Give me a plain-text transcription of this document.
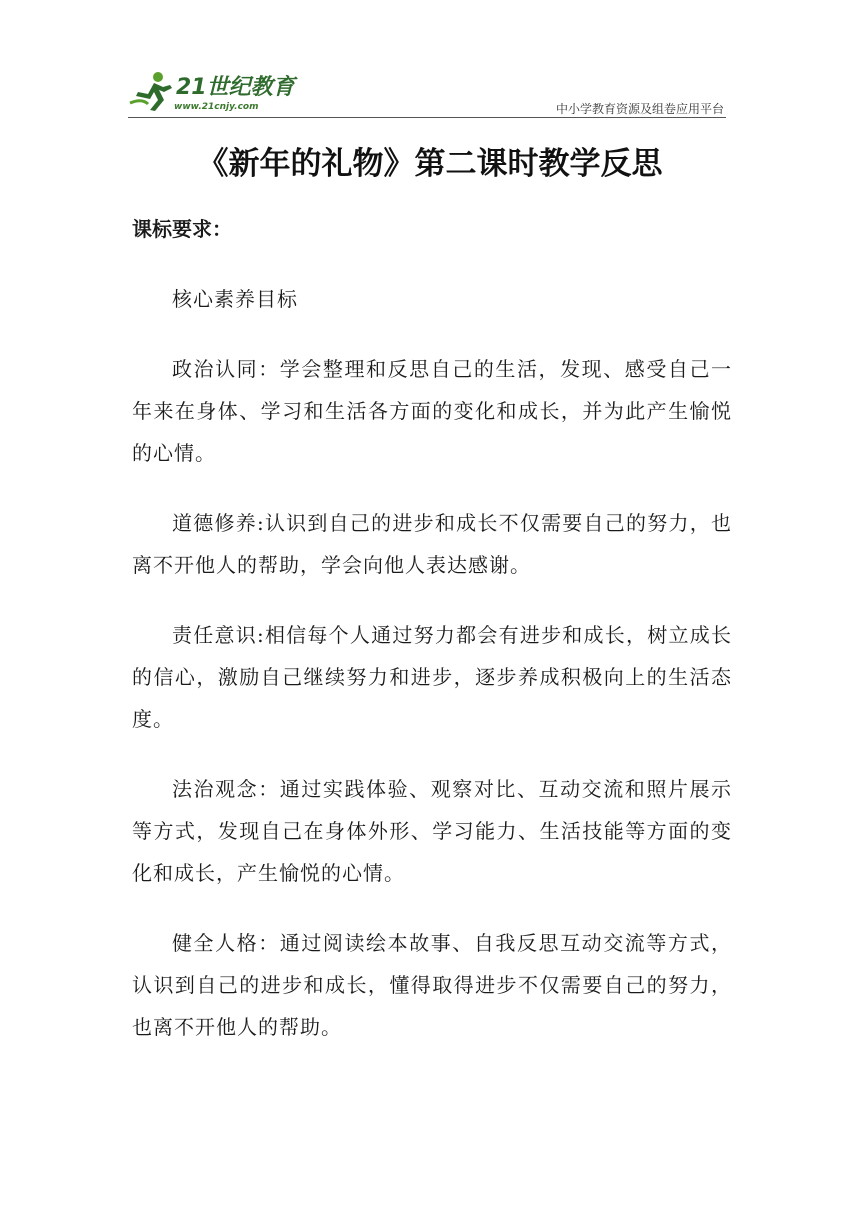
21世纪教育
www.21cnjy.com	中小学教育资源及组卷应用平台
《新年的礼物》第二课时教学反思
课标要求：

核心素养目标

政治认同：学会整理和反思自己的生活，发现、感受自己一年来在身体、学习和生活各方面的变化和成长，并为此产生愉悦的心情。

道德修养:认识到自己的进步和成长不仅需要自己的努力，也离不开他人的帮助，学会向他人表达感谢。

责任意识:相信每个人通过努力都会有进步和成长，树立成长的信心，激励自己继续努力和进步，逐步养成积极向上的生活态度。

法治观念：通过实践体验、观察对比、互动交流和照片展示等方式，发现自己在身体外形、学习能力、生活技能等方面的变化和成长，产生愉悦的心情。

健全人格：通过阅读绘本故事、自我反思互动交流等方式，认识到自己的进步和成长，懂得取得进步不仅需要自己的努力，也离不开他人的帮助。
